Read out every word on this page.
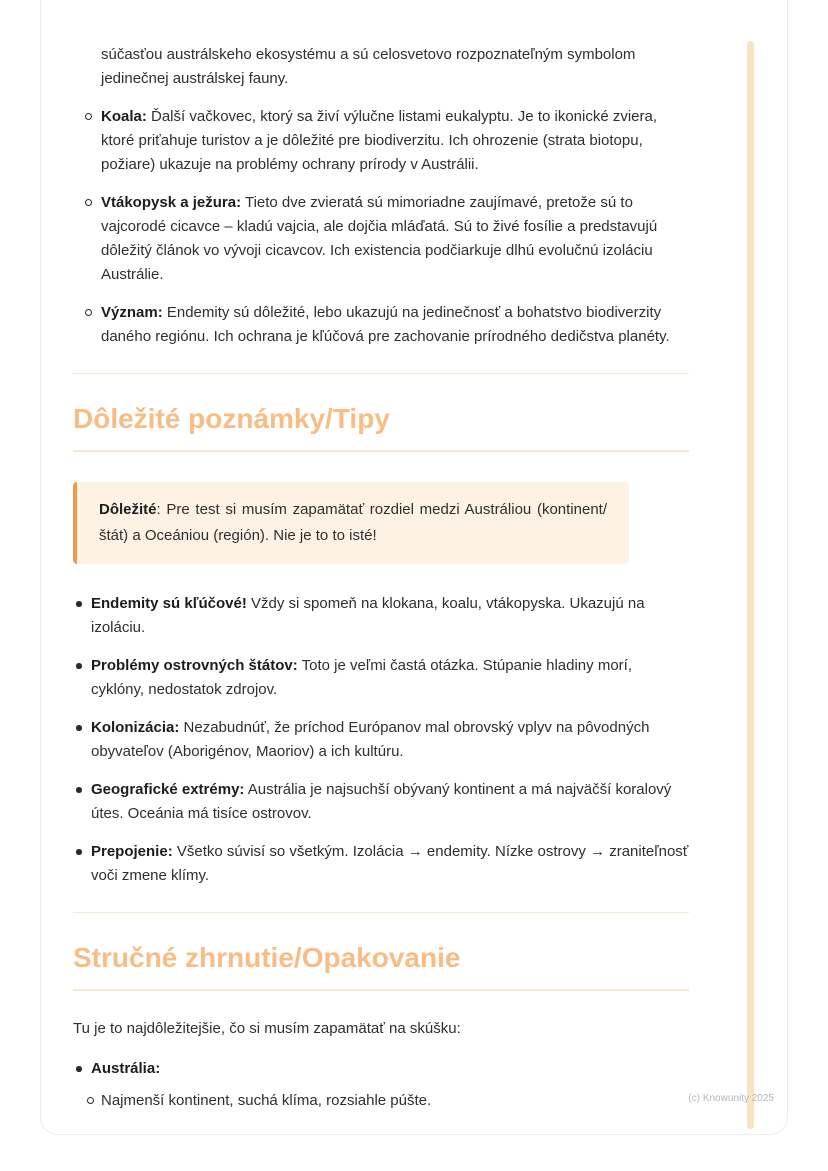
súčasťou austrálskeho ekosystému a sú celosvetovo rozpoznateľným symbolom jedinečnej austrálskej fauny.

Koala: Ďalší vačkovec, ktorý sa živí výlučne listami eukalyptu. Je to ikonické zviera, ktoré priťahuje turistov a je dôležité pre biodiverzitu. Ich ohrozenie (strata biotopu, požiare) ukazuje na problémy ochrany prírody v Austrálii.
Vtákopysk a ježura: Tieto dve zvieratá sú mimoriadne zaujímavé, pretože sú to vajcorodé cicavce – kladú vajcia, ale dojčia mláďatá. Sú to živé fosílie a predstavujú dôležitý článok vo vývoji cicavcov. Ich existencia podčiarkuje dlhú evolučnú izoláciu Austrálie.
Význam: Endemity sú dôležité, lebo ukazujú na jedinečnosť a bohatstvo biodiverzity daného regiónu. Ich ochrana je kľúčová pre zachovanie prírodného dedičstva planéty.
Dôležité poznámky/Tipy

Dôležité: Pre test si musím zapamätať rozdiel medzi Austráliou (kontinent/štát) a Oceániou (región). Nie je to to isté!

Endemity sú kľúčové! Vždy si spomeň na klokana, koalu, vtákopyska. Ukazujú na izoláciu.
Problémy ostrovných štátov: Toto je veľmi častá otázka. Stúpanie hladiny morí, cyklóny, nedostatok zdrojov.
Kolonizácia: Nezabudnúť, že príchod Európanov mal obrovský vplyv na pôvodných obyvateľov (Aborigénov, Maoriov) a ich kultúru.
Geografické extrémy: Austrália je najsuchší obývaný kontinent a má najväčší koralový útes. Oceánia má tisíce ostrovov.
Prepojenie: Všetko súvisí so všetkým. Izolácia → endemity. Nízke ostrovy → zraniteľnosť voči zmene klímy.
Stručné zhrnutie/Opakovanie

Tu je to najdôležitejšie, čo si musím zapamätať na skúšku:

Austrália:
Najmenší kontinent, suchá klíma, rozsiahle púšte.	(c) Knowunity 2025
